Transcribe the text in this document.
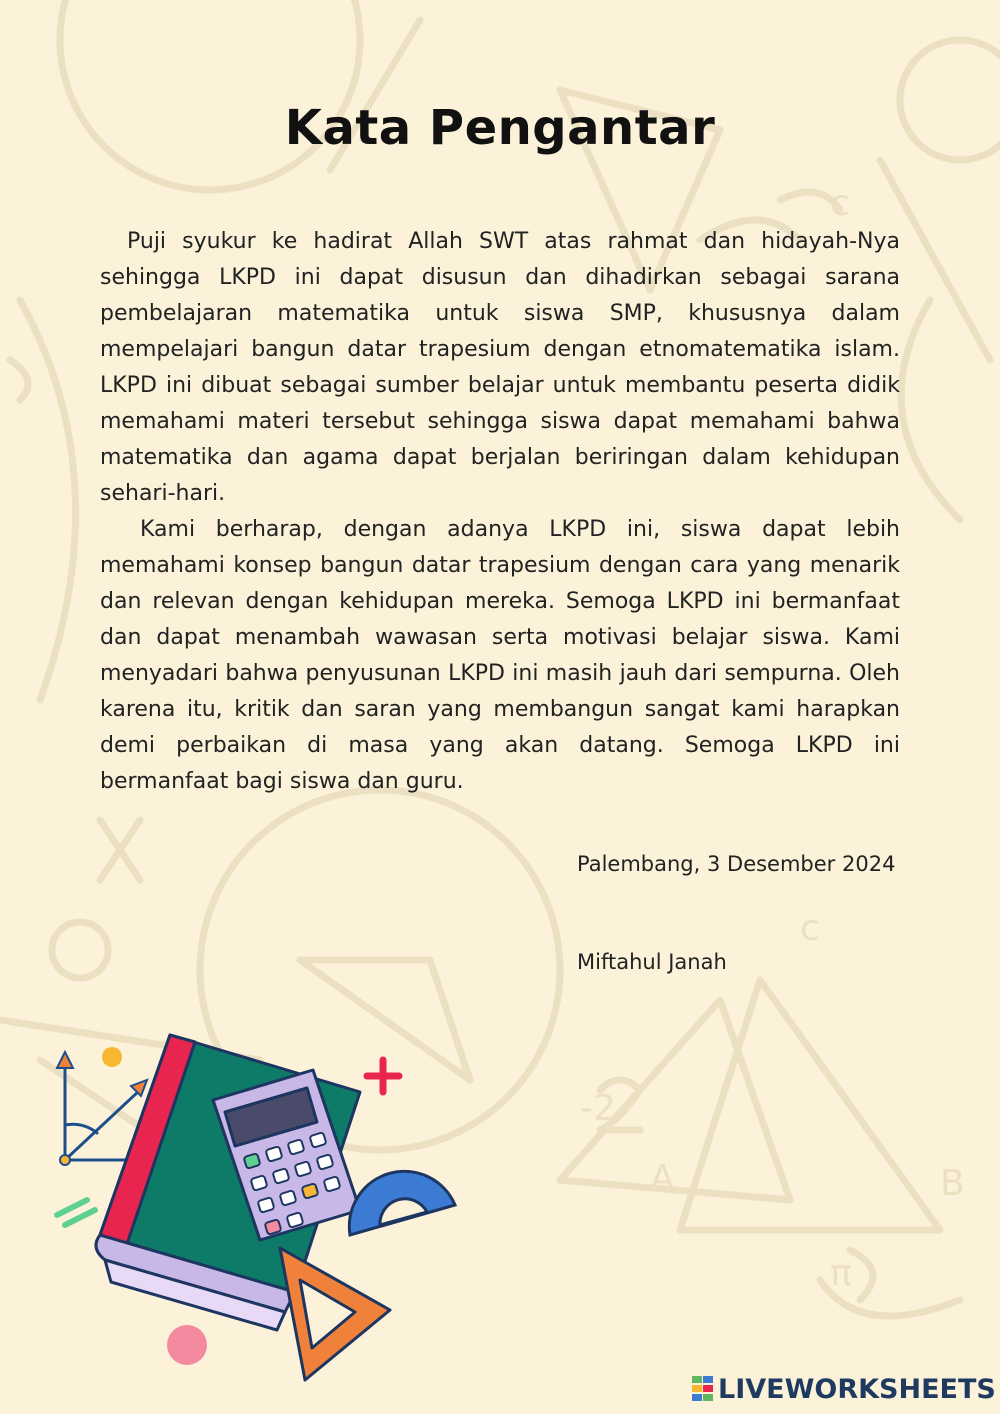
c
c
B
-2
A
π
Kata Pengantar

Puji syukur ke hadirat Allah SWT atas rahmat dan hidayah-Nya sehingga LKPD ini dapat disusun dan dihadirkan sebagai sarana pembelajaran matematika untuk siswa SMP, khususnya dalam mempelajari bangun datar trapesium dengan etnomatematika islam. LKPD ini dibuat sebagai sumber belajar untuk membantu peserta didik memahami materi tersebut sehingga siswa dapat memahami bahwa matematika dan agama dapat berjalan beriringan dalam kehidupan sehari-hari.

Kami berharap, dengan adanya LKPD ini, siswa dapat lebih memahami konsep bangun datar trapesium dengan cara yang menarik dan relevan dengan kehidupan mereka. Semoga LKPD ini bermanfaat dan dapat menambah wawasan serta motivasi belajar siswa. Kami menyadari bahwa penyusunan LKPD ini masih jauh dari sempurna. Oleh karena itu, kritik dan saran yang membangun sangat kami harapkan demi perbaikan di masa yang akan datang. Semoga LKPD ini bermanfaat bagi siswa dan guru.

Palembang, 3 Desember 2024
Miftahul Janah
LIVEWORKSHEETS
